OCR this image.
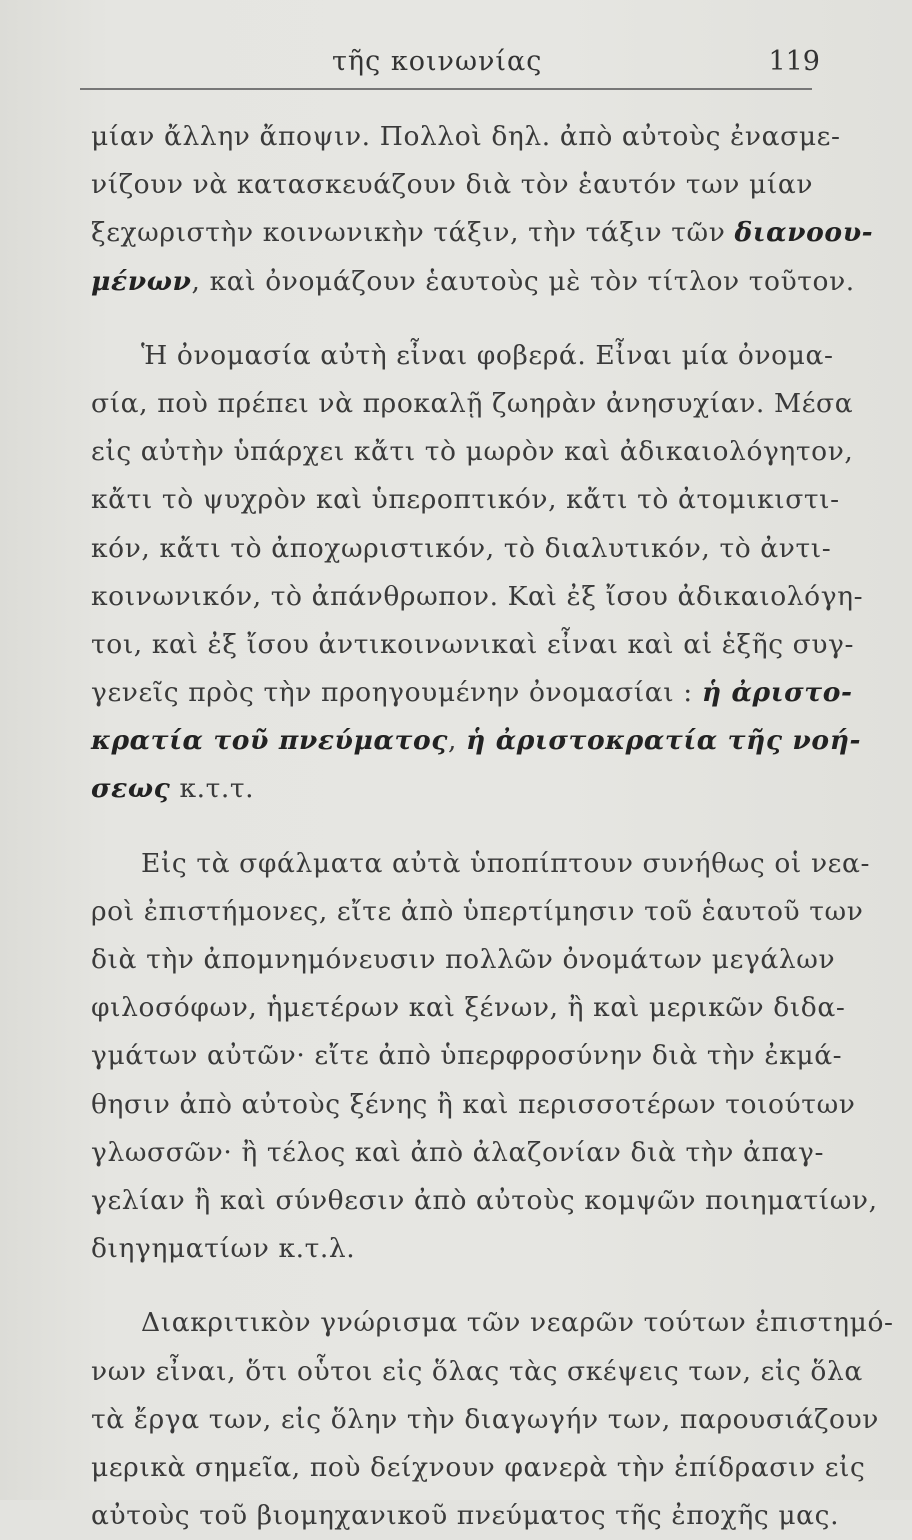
τῆς κοινωνίας	119
μίαν ἄλλην ἄποψιν. Πολλοὶ δηλ. ἀπὸ αὐτοὺς ἐνασμε-
νίζουν νὰ κατασκευάζουν διὰ τὸν ἑαυτόν των μίαν
ξεχωριστὴν κοινωνικὴν τάξιν, τὴν τάξιν τῶν διανοου-
μένων, καὶ ὀνομάζουν ἑαυτοὺς μὲ τὸν τίτλον τοῦτον.
Ἡ ὀνομασία αὐτὴ εἶναι φοβερά. Εἶναι μία ὀνομα-
σία, ποὺ πρέπει νὰ προκαλῇ ζωηρὰν ἀνησυχίαν. Μέσα
εἰς αὐτὴν ὑπάρχει κἄτι τὸ μωρὸν καὶ ἀδικαιολόγητον,
κἄτι τὸ ψυχρὸν καὶ ὑπεροπτικόν, κἄτι τὸ ἀτομικιστι-
κόν, κἄτι τὸ ἀποχωριστικόν, τὸ διαλυτικόν, τὸ ἀντι-
κοινωνικόν, τὸ ἀπάνθρωπον. Καὶ ἐξ ἴσου ἀδικαιολόγη-
τοι, καὶ ἐξ ἴσου ἀντικοινωνικαὶ εἶναι καὶ αἱ ἑξῆς συγ-
γενεῖς πρὸς τὴν προηγουμένην ὀνομασίαι : ἡ ἀριστο-
κρατία τοῦ πνεύματος, ἡ ἀριστοκρατία τῆς νοή-
σεως κ.τ.τ.
Εἰς τὰ σφάλματα αὐτὰ ὑποπίπτουν συνήθως οἱ νεα-
ροὶ ἐπιστήμονες, εἴτε ἀπὸ ὑπερτίμησιν τοῦ ἑαυτοῦ των
διὰ τὴν ἀπομνημόνευσιν πολλῶν ὀνομάτων μεγάλων
φιλοσόφων, ἡμετέρων καὶ ξένων, ἢ καὶ μερικῶν διδα-
γμάτων αὐτῶν· εἴτε ἀπὸ ὑπερφροσύνην διὰ τὴν ἐκμά-
θησιν ἀπὸ αὐτοὺς ξένης ἢ καὶ περισσοτέρων τοιούτων
γλωσσῶν· ἢ τέλος καὶ ἀπὸ ἀλαζονίαν διὰ τὴν ἀπαγ-
γελίαν ἢ καὶ σύνθεσιν ἀπὸ αὐτοὺς κομψῶν ποιηματίων,
διηγηματίων κ.τ.λ.
Διακριτικὸν γνώρισμα τῶν νεαρῶν τούτων ἐπιστημό-
νων εἶναι, ὅτι οὗτοι εἰς ὅλας τὰς σκέψεις των, εἰς ὅλα
τὰ ἔργα των, εἰς ὅλην τὴν διαγωγήν των, παρουσιάζουν
μερικὰ σημεῖα, ποὺ δείχνουν φανερὰ τὴν ἐπίδρασιν εἰς
αὐτοὺς τοῦ βιομηχανικοῦ πνεύματος τῆς ἐποχῆς μας.
